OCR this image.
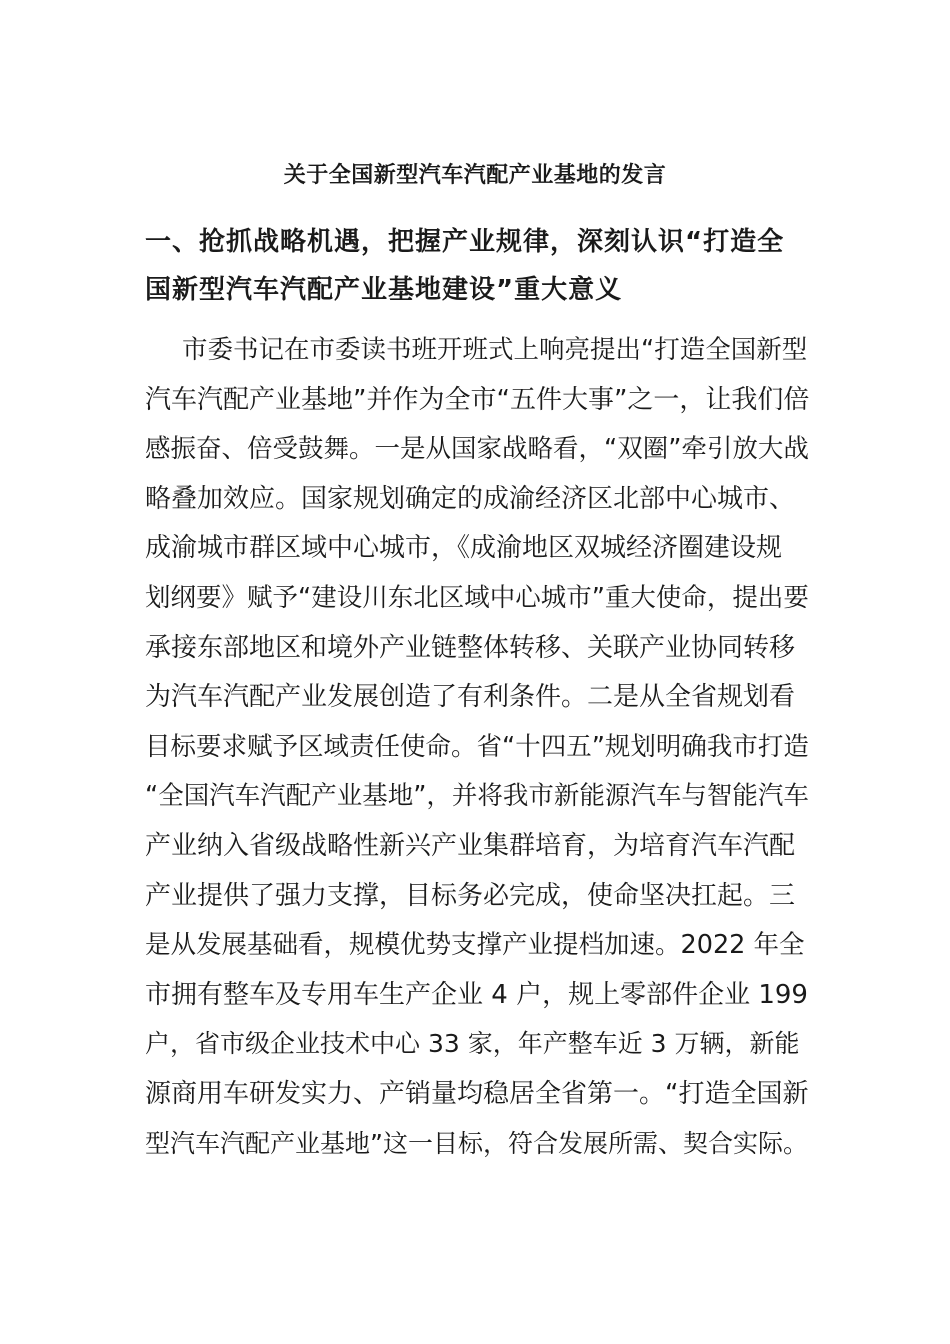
关于全国新型汽车汽配产业基地的发言
一、抢抓战略机遇，把握产业规律，深刻认识“打造全国新型汽车汽配产业基地建设”重大意义
市委书记在市委读书班开班式上响亮提出“打造全国新型
汽车汽配产业基地”并作为全市“五件大事”之一，让我们倍
感振奋、倍受鼓舞。一是从国家战略看，“双圈”牵引放大战
略叠加效应。国家规划确定的成渝经济区北部中心城市、
成渝城市群区域中心城市，《成渝地区双城经济圈建设规
划纲要》赋予“建设川东北区域中心城市”重大使命，提出要
承接东部地区和境外产业链整体转移、关联产业协同转移
为汽车汽配产业发展创造了有利条件。二是从全省规划看
目标要求赋予区域责任使命。省“十四五”规划明确我市打造
“全国汽车汽配产业基地”，并将我市新能源汽车与智能汽车
产业纳入省级战略性新兴产业集群培育，为培育汽车汽配
产业提供了强力支撑，目标务必完成，使命坚决扛起。三
是从发展基础看，规模优势支撑产业提档加速。2022 年全
市拥有整车及专用车生产企业 4 户，规上零部件企业 199
户，省市级企业技术中心 33 家，年产整车近 3 万辆，新能
源商用车研发实力、产销量均稳居全省第一。“打造全国新
型汽车汽配产业基地”这一目标，符合发展所需、契合实际。
